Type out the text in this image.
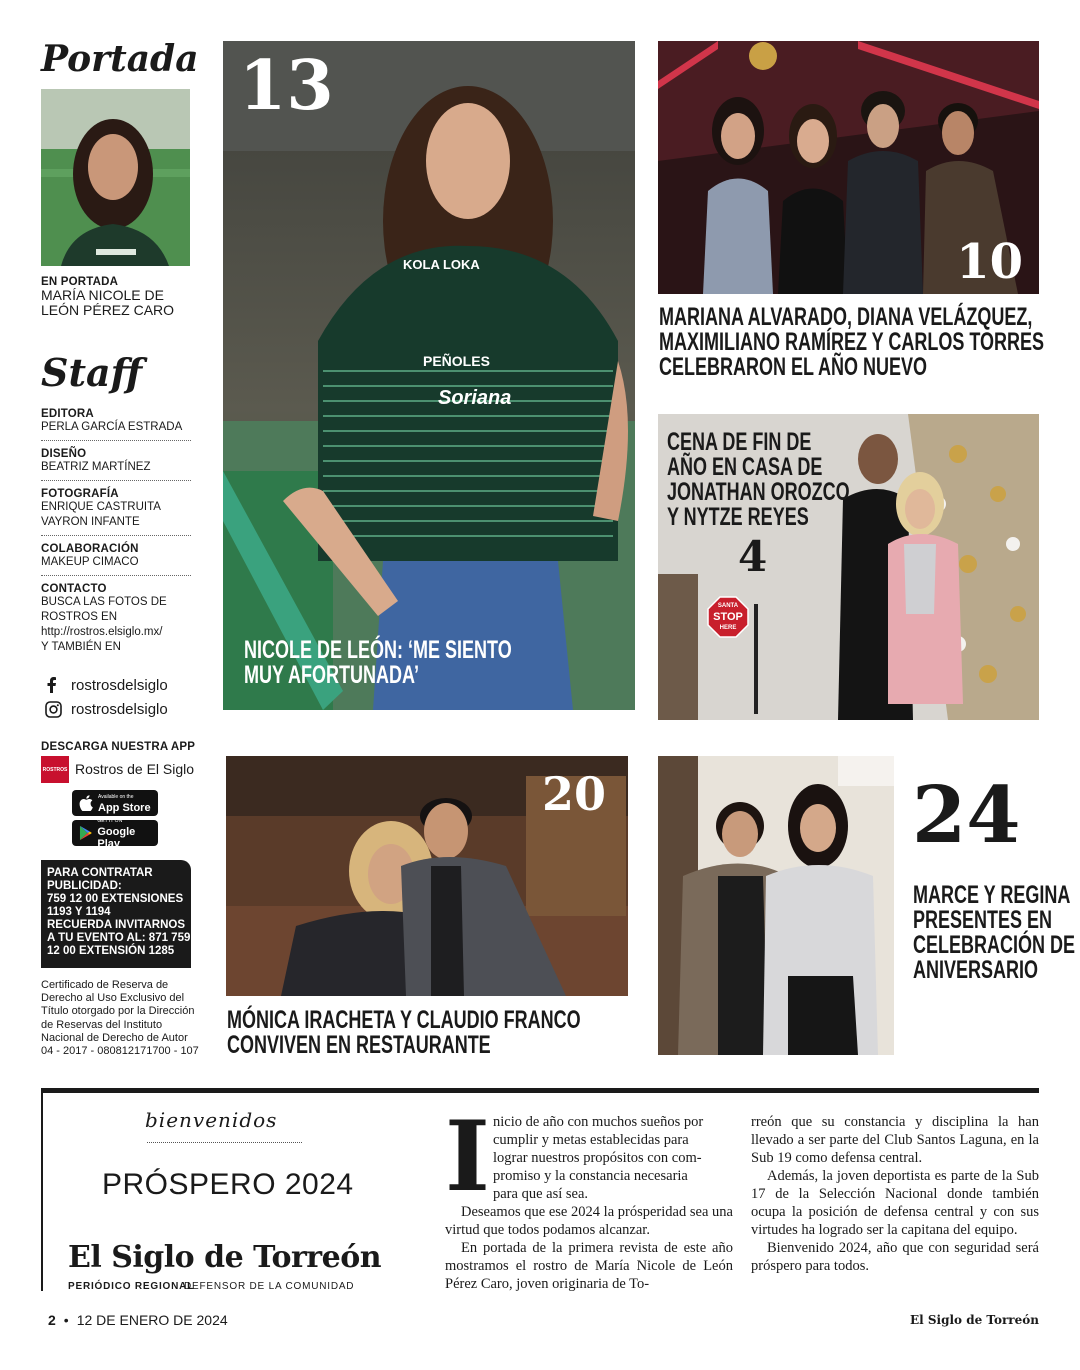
Portada
EN PORTADA
MARÍA NICOLE DE LEÓN PÉREZ CARO
Staff
EDITORA
PERLA GARCÍA ESTRADA
DISEÑO
BEATRIZ MARTÍNEZ
FOTOGRAFÍA
ENRIQUE CASTRUITA
VAYRON INFANTE
COLABORACIÓN
MAKEUP CIMACO
CONTACTO
BUSCA LAS FOTOS DE ROSTROS EN
http://rostros.elsiglo.mx/
Y TAMBIÉN EN
rostrosdelsiglo
rostrosdelsiglo
DESCARGA NUESTRA APP
ROSTROS Rostros de El Siglo
Available on the
App Store
GET IT ON
Google Play
PARA CONTRATAR
PUBLICIDAD:
759 12 00 EXTENSIONES
1193 Y 1194
RECUERDA INVITARNOS
A TU EVENTO AL: 871 759
12 00 EXTENSIÓN 1285
Certificado de Reserva de
Derecho al Uso Exclusivo del
Título otorgado por la Dirección
de Reservas del Instituto
Nacional de Derecho de Autor
04 - 2017 - 080812171700 - 107
13
KOLA LOKA
PEÑOLES
Soriana
NICOLE DE LEÓN: ‘ME SIENTO
MUY AFORTUNADA’
10
MARIANA ALVARADO, DIANA VELÁZQUEZ,
MAXIMILIANO RAMÍREZ Y CARLOS TORRES
CELEBRARON EL AÑO NUEVO
SANTA
STOP
HERE
CENA DE FIN DE
AÑO EN CASA DE
JONATHAN OROZCO
Y NYTZE REYES
4
20
MÓNICA IRACHETA Y CLAUDIO FRANCO
CONVIVEN EN RESTAURANTE
24
MARCE Y REGINA
PRESENTES EN
CELEBRACIÓN DE
ANIVERSARIO
bienvenidos
PRÓSPERO 2024
El Siglo de Torreón
PERIÓDICO REGIONAL
DEFENSOR DE LA COMUNIDAD
I nicio de año con muchos sueños por
cumplir y metas establecidas para
lograr nuestros propósitos con com-
promiso y la constancia necesaria
para que así sea.

Deseamos que ese 2024 la prósperidad sea una virtud que todos podamos alcanzar.

En portada de la primera revista de este año mostramos el rostro de María Nicole de León Pérez Caro, joven originaria de To-

rreón que su constancia y disciplina la han llevado a ser parte del Club Santos Laguna, en la Sub 19 como defensa central.

Además, la joven deportista es parte de la Sub 17 de la Selección Nacional donde también ocupa la posición de defensa central y con sus virtudes ha logrado ser la capitana del equipo.

Bienvenido 2024, año que con seguridad será próspero para todos.

2 • 12 DE ENERO DE 2024	El Siglo de Torreón
